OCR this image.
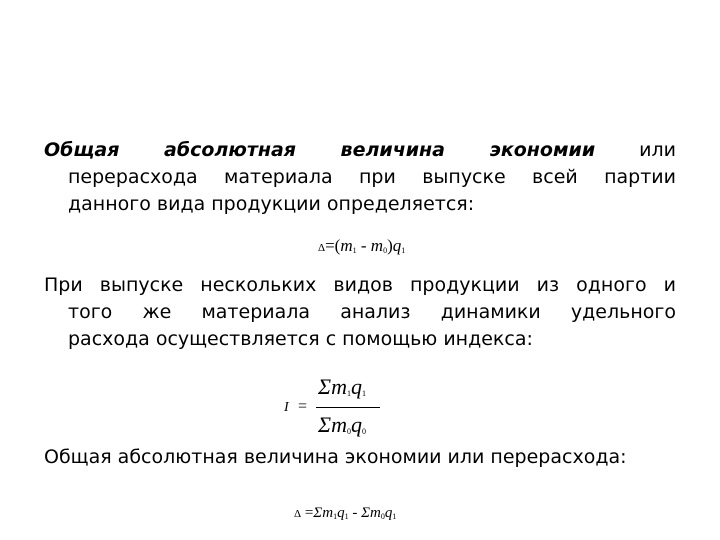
Общая абсолютная величина экономии или
перерасхода материала при выпуске всей партии
данного вида продукции определяется:
$\Delta=(m_1 - m_0)q_1$
При выпуске нескольких видов продукции из одного и
того же материала анализ динамики удельного
расхода осуществляется с помощью индекса:
I =
$\Sigma m_1q_1$
$\Sigma m_0q_0$
Общая абсолютная величина экономии или перерасхода:
$\Delta =\Sigma m_1q_1 - \Sigma m_0q_1$
